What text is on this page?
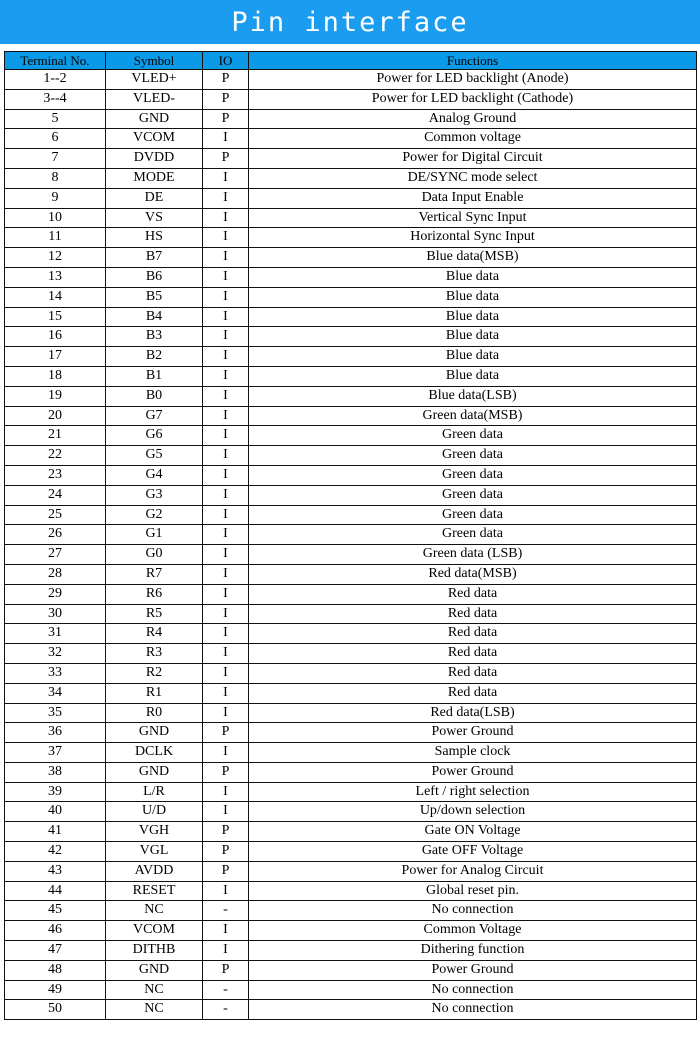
Pin interface
Terminal No.	Symbol	IO	Functions
1--2	VLED+	P	Power for LED backlight (Anode)
3--4	VLED-	P	Power for LED backlight (Cathode)
5	GND	P	Analog Ground
6	VCOM	I	Common voltage
7	DVDD	P	Power for Digital Circuit
8	MODE	I	DE/SYNC mode select
9	DE	I	Data Input Enable
10	VS	I	Vertical Sync Input
11	HS	I	Horizontal Sync Input
12	B7	I	Blue data(MSB)
13	B6	I	Blue data
14	B5	I	Blue data
15	B4	I	Blue data
16	B3	I	Blue data
17	B2	I	Blue data
18	B1	I	Blue data
19	B0	I	Blue data(LSB)
20	G7	I	Green data(MSB)
21	G6	I	Green data
22	G5	I	Green data
23	G4	I	Green data
24	G3	I	Green data
25	G2	I	Green data
26	G1	I	Green data
27	G0	I	Green data (LSB)
28	R7	I	Red data(MSB)
29	R6	I	Red data
30	R5	I	Red data
31	R4	I	Red data
32	R3	I	Red data
33	R2	I	Red data
34	R1	I	Red data
35	R0	I	Red data(LSB)
36	GND	P	Power Ground
37	DCLK	I	Sample clock
38	GND	P	Power Ground
39	L/R	I	Left / right selection
40	U/D	I	Up/down selection
41	VGH	P	Gate ON Voltage
42	VGL	P	Gate OFF Voltage
43	AVDD	P	Power for Analog Circuit
44	RESET	I	Global reset pin.
45	NC	-	No connection
46	VCOM	I	Common Voltage
47	DITHB	I	Dithering function
48	GND	P	Power Ground
49	NC	-	No connection
50	NC	-	No connection
